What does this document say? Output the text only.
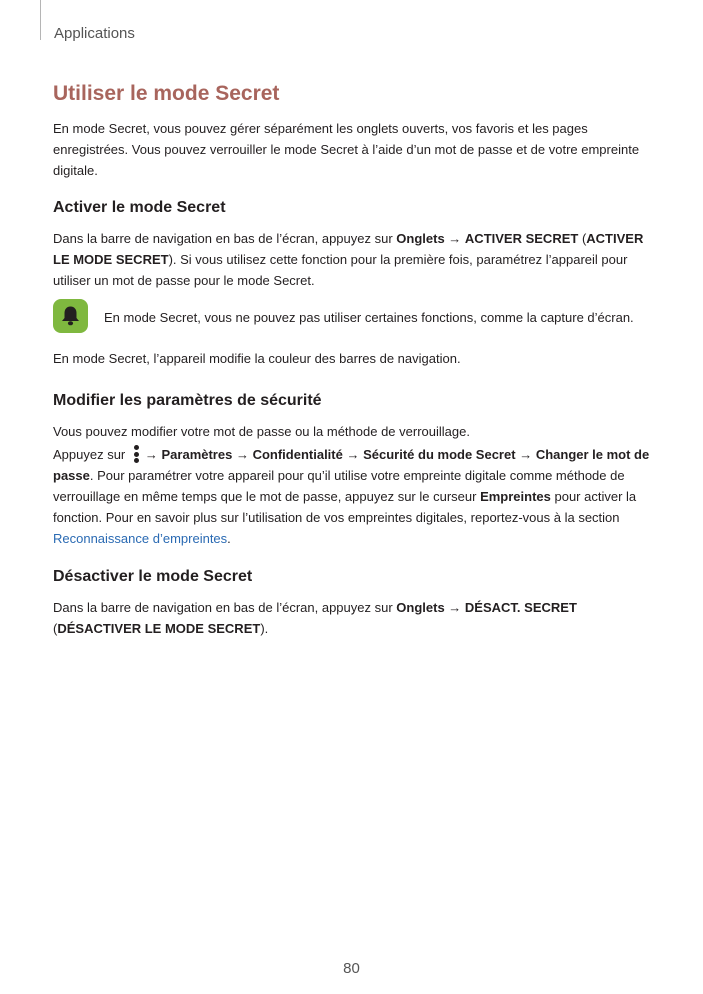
Applications
Utiliser le mode Secret

En mode Secret, vous pouvez gérer séparément les onglets ouverts, vos favoris et les pages enregistrées. Vous pouvez verrouiller le mode Secret à l’aide d’un mot de passe et de votre empreinte digitale.

Activer le mode Secret

Dans la barre de navigation en bas de l’écran, appuyez sur Onglets → ACTIVER SECRET (ACTIVER LE MODE SECRET). Si vous utilisez cette fonction pour la première fois, paramétrez l’appareil pour utiliser un mot de passe pour le mode Secret.

En mode Secret, vous ne pouvez pas utiliser certaines fonctions, comme la capture d’écran.

En mode Secret, l’appareil modifie la couleur des barres de navigation.

Modifier les paramètres de sécurité

Vous pouvez modifier votre mot de passe ou la méthode de verrouillage.

Appuyez sur
→ Paramètres → Confidentialité → Sécurité du mode Secret → Changer le mot de passe. Pour paramétrer votre appareil pour qu’il utilise votre empreinte digitale comme méthode de verrouillage en même temps que le mot de passe, appuyez sur le curseur Empreintes pour activer la fonction. Pour en savoir plus sur l’utilisation de vos empreintes digitales, reportez-vous à la section Reconnaissance d’empreintes.

Désactiver le mode Secret

Dans la barre de navigation en bas de l’écran, appuyez sur Onglets → DÉSACT. SECRET
(DÉSACTIVER LE MODE SECRET).

80
